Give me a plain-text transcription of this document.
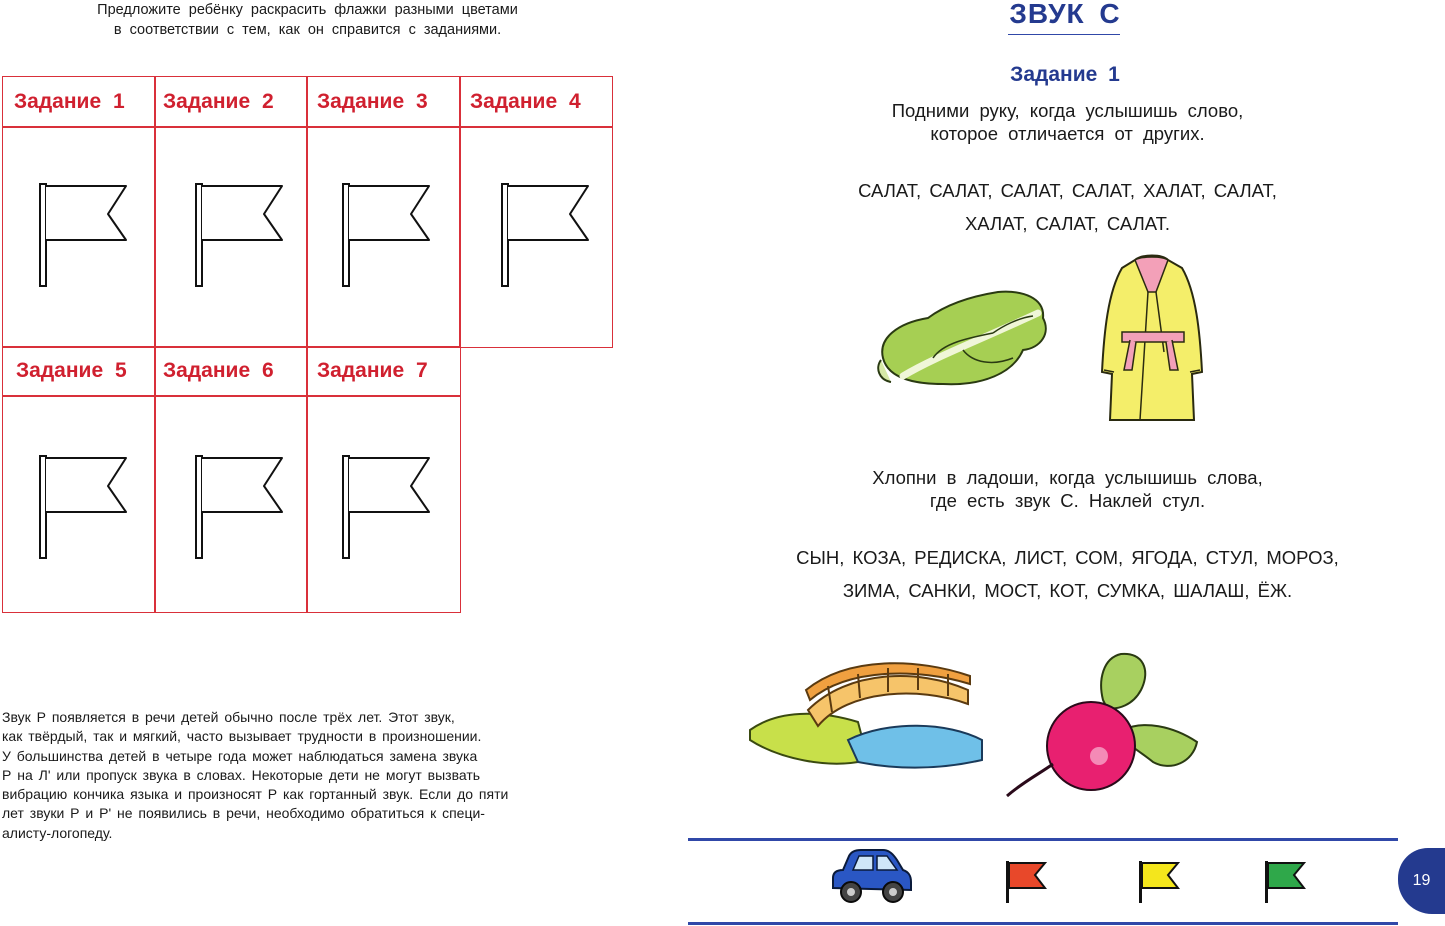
Предложите ребёнку раскрасить флажки разными цветами
в соответствии с тем, как он справится с заданиями.
Задание 1 Задание 2 Задание 3 Задание 4
Задание 5 Задание 6 Задание 7
Звук Р появляется в речи детей обычно после трёх лет. Этот звук,
как твёрдый, так и мягкий, часто вызывает трудности в произношении.
У большинства детей в четыре года может наблюдаться замена звука
Р на Л' или пропуск звука в словах. Некоторые дети не могут вызвать
вибрацию кончика языка и произносят Р как гортанный звук. Если до пяти
лет звуки Р и Р' не появились в речи, необходимо обратиться к специ-
алисту-логопеду.
ЗВУК С
Задание 1
Подними руку, когда услышишь слово,
которое отличается от других.
САЛАТ, САЛАТ, САЛАТ, САЛАТ, ХАЛАТ, САЛАТ,
ХАЛАТ, САЛАТ, САЛАТ.
Хлопни в ладоши, когда услышишь слова,
где есть звук С. Наклей стул.
СЫН, КОЗА, РЕДИСКА, ЛИСТ, СОМ, ЯГОДА, СТУЛ, МОРОЗ,
ЗИМА, САНКИ, МОСТ, КОТ, СУМКА, ШАЛАШ, ЁЖ.
19
